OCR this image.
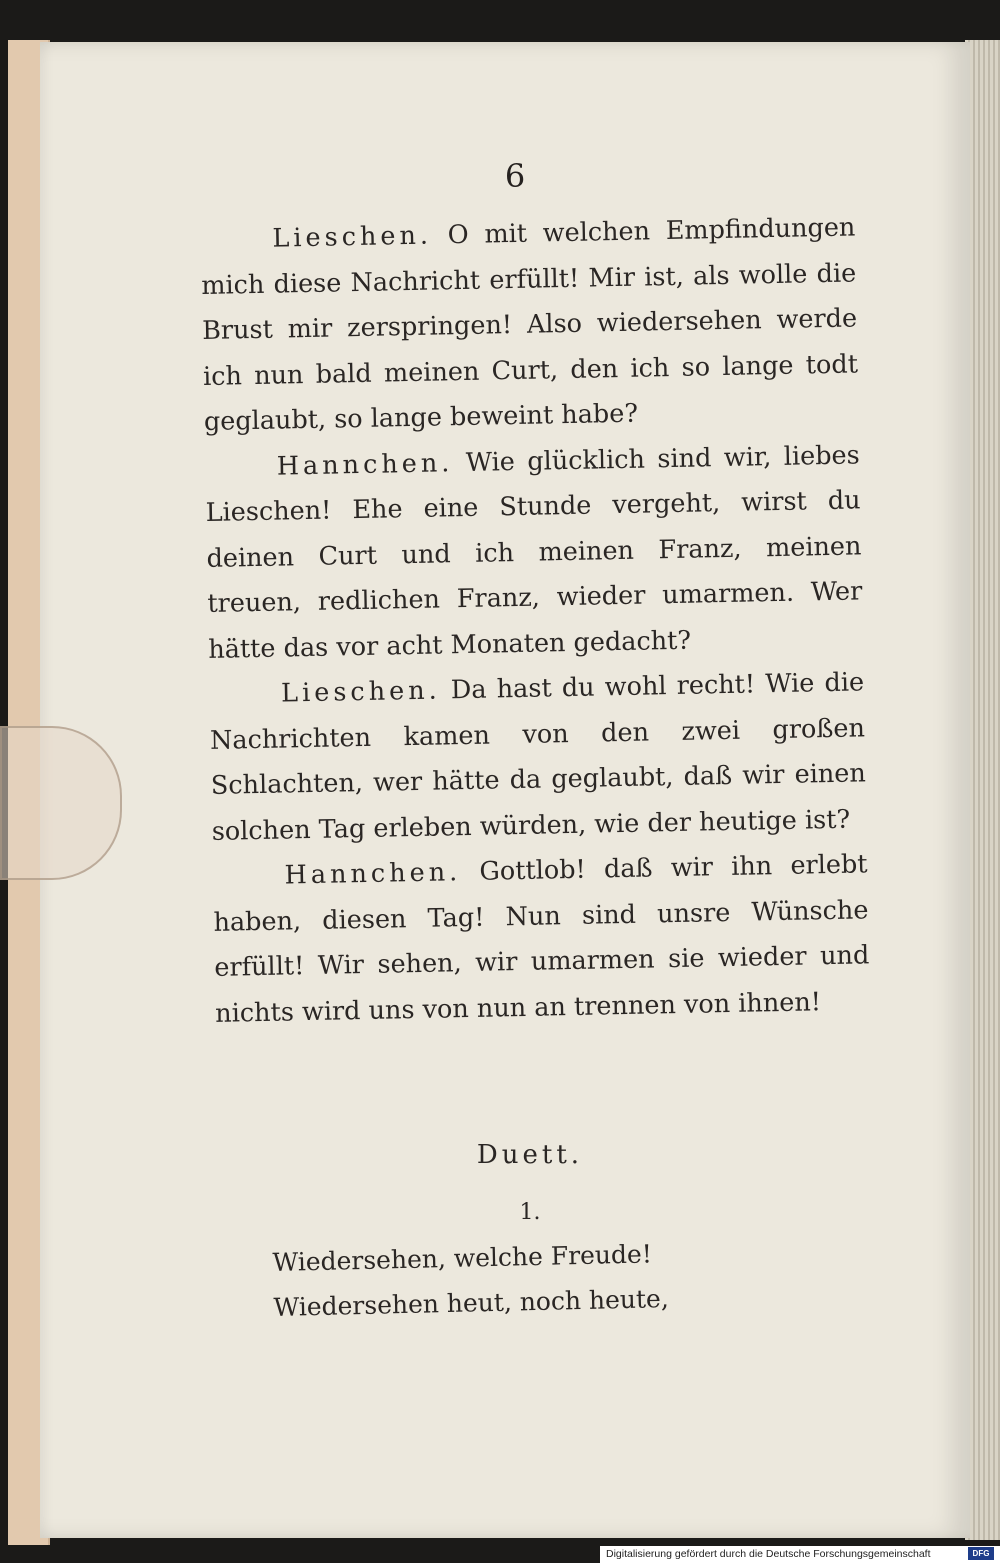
6

Lieschen. O mit welchen Empfindungen mich diese Nachricht erfüllt! Mir ist, als wolle die Brust mir zerspringen! Also wiedersehen werde ich nun bald meinen Curt, den ich so lange todt geglaubt, so lange beweint habe?

Hannchen. Wie glücklich sind wir, liebes Lieschen! Ehe eine Stunde vergeht, wirst du deinen Curt und ich meinen Franz, meinen treuen, redlichen Franz, wieder umarmen. Wer hätte das vor acht Monaten gedacht?

Lieschen. Da hast du wohl recht! Wie die Nachrichten kamen von den zwei großen Schlachten, wer hätte da geglaubt, daß wir einen solchen Tag erleben würden, wie der heutige ist?

Hannchen. Gottlob! daß wir ihn erlebt haben, diesen Tag! Nun sind unsre Wünsche erfüllt! Wir sehen, wir umarmen sie wieder und nichts wird uns von nun an trennen von ihnen!

Duett.
1.
Wiedersehen, welche Freude!
Wiedersehen heut, noch heute,
Digitalisierung gefördert durch die Deutsche Forschungsgemeinschaft	DFG
